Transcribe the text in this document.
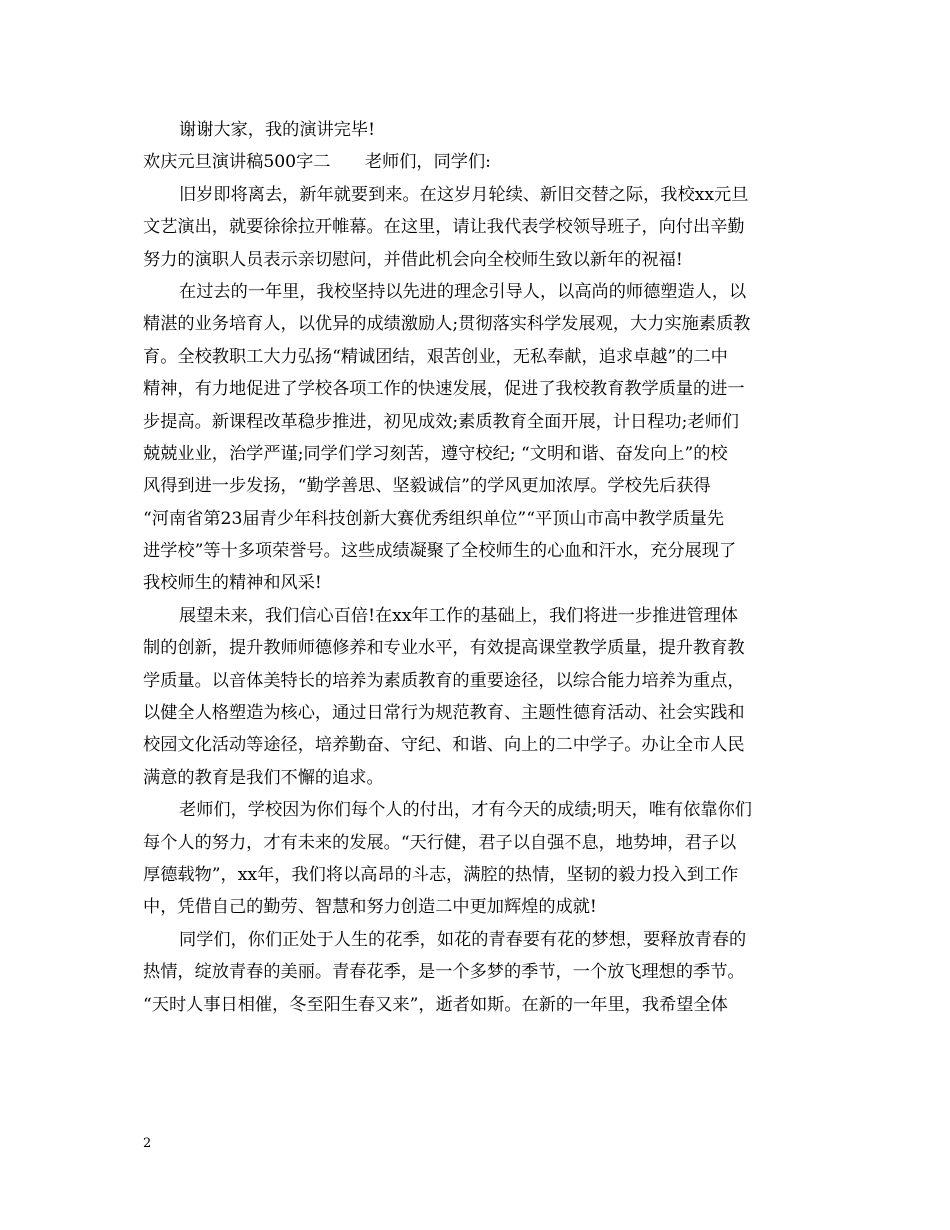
谢谢大家，我的演讲完毕!
欢庆元旦演讲稿500字二　　老师们，同学们:
旧岁即将离去，新年就要到来。在这岁月轮续、新旧交替之际，我校xx元旦
文艺演出，就要徐徐拉开帷幕。在这里，请让我代表学校领导班子，向付出辛勤
努力的演职人员表示亲切慰问，并借此机会向全校师生致以新年的祝福!
在过去的一年里，我校坚持以先进的理念引导人，以高尚的师德塑造人，以
精湛的业务培育人，以优异的成绩激励人;贯彻落实科学发展观，大力实施素质教
育。全校教职工大力弘扬“精诚团结，艰苦创业，无私奉献，追求卓越”的二中
精神，有力地促进了学校各项工作的快速发展，促进了我校教育教学质量的进一
步提高。新课程改革稳步推进，初见成效;素质教育全面开展，计日程功;老师们
兢兢业业，治学严谨;同学们学习刻苦，遵守校纪; “文明和谐、奋发向上”的校
风得到进一步发扬，“勤学善思、坚毅诚信”的学风更加浓厚。学校先后获得
“河南省第23届青少年科技创新大赛优秀组织单位”“平顶山市高中教学质量先
进学校”等十多项荣誉号。这些成绩凝聚了全校师生的心血和汗水，充分展现了
我校师生的精神和风采!
展望未来，我们信心百倍!在xx年工作的基础上，我们将进一步推进管理体
制的创新，提升教师师德修养和专业水平，有效提高课堂教学质量，提升教育教
学质量。以音体美特长的培养为素质教育的重要途径，以综合能力培养为重点，
以健全人格塑造为核心，通过日常行为规范教育、主题性德育活动、社会实践和
校园文化活动等途径，培养勤奋、守纪、和谐、向上的二中学子。办让全市人民
满意的教育是我们不懈的追求。
老师们，学校因为你们每个人的付出，才有今天的成绩;明天，唯有依靠你们
每个人的努力，才有未来的发展。“天行健，君子以自强不息，地势坤，君子以
厚德载物”，xx年，我们将以高昂的斗志，满腔的热情，坚韧的毅力投入到工作
中，凭借自己的勤劳、智慧和努力创造二中更加辉煌的成就!
同学们，你们正处于人生的花季，如花的青春要有花的梦想，要释放青春的
热情，绽放青春的美丽。青春花季，是一个多梦的季节，一个放飞理想的季节。
“天时人事日相催，冬至阳生春又来”，逝者如斯。在新的一年里，我希望全体
2
